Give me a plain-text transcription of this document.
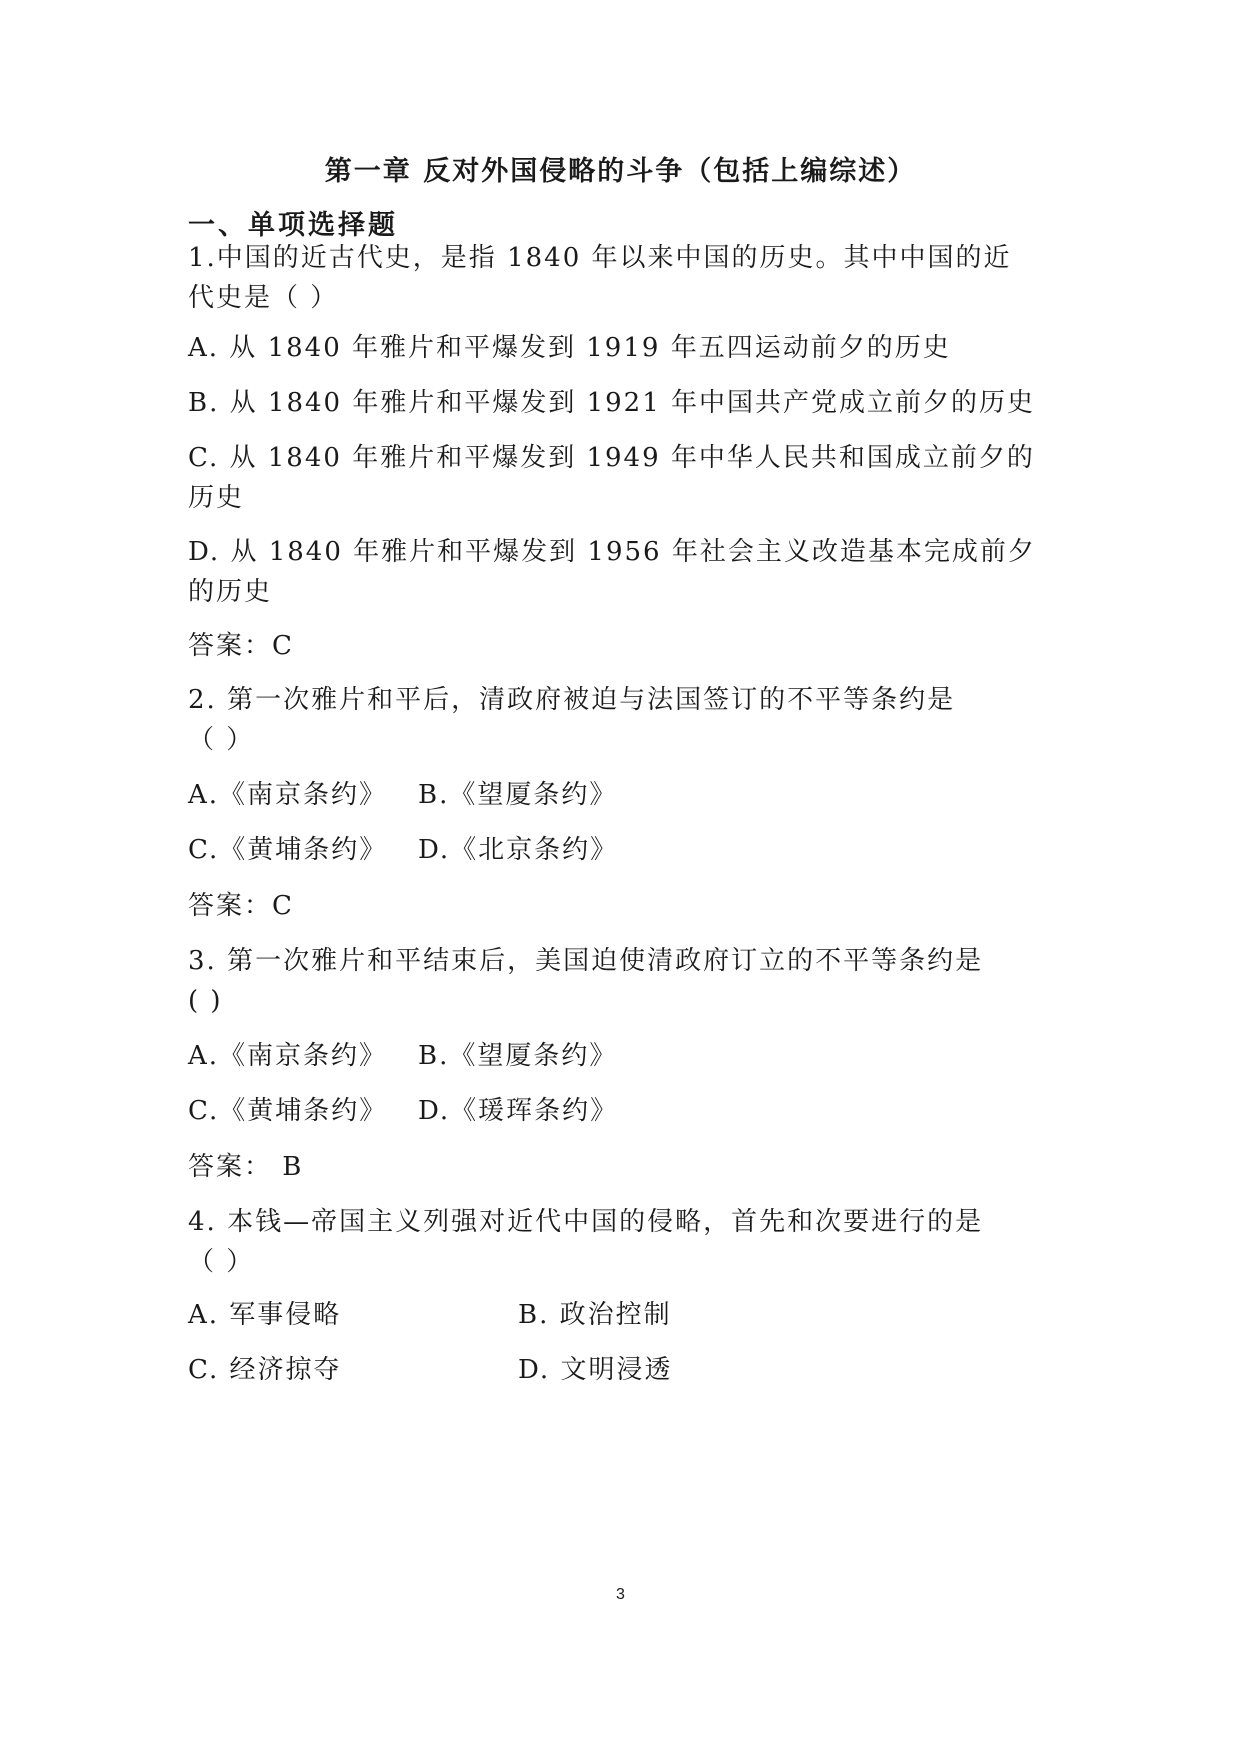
第一章 反对外国侵略的斗争（包括上编综述）
一、单项选择题
1.中国的近古代史，是指 1840 年以来中国的历史。其中中国的近
代史是（ ）
A. 从 1840 年雅片和平爆发到 1919 年五四运动前夕的历史
B. 从 1840 年雅片和平爆发到 1921 年中国共产党成立前夕的历史
C. 从 1840 年雅片和平爆发到 1949 年中华人民共和国成立前夕的
历史
D. 从 1840 年雅片和平爆发到 1956 年社会主义改造基本完成前夕
的历史
答案：C
2. 第一次雅片和平后，清政府被迫与法国签订的不平等条约是
（ ）
A.《南京条约》 B.《望厦条约》
C.《黄埔条约》 D.《北京条约》
答案：C
3. 第一次雅片和平结束后，美国迫使清政府订立的不平等条约是
( )
A.《南京条约》 B.《望厦条约》
C.《黄埔条约》 D.《瑗珲条约》
答案： B
4. 本钱—帝国主义列强对近代中国的侵略，首先和次要进行的是
（ ）
A. 军事侵略	B. 政治控制
C. 经济掠夺	D. 文明浸透
3
